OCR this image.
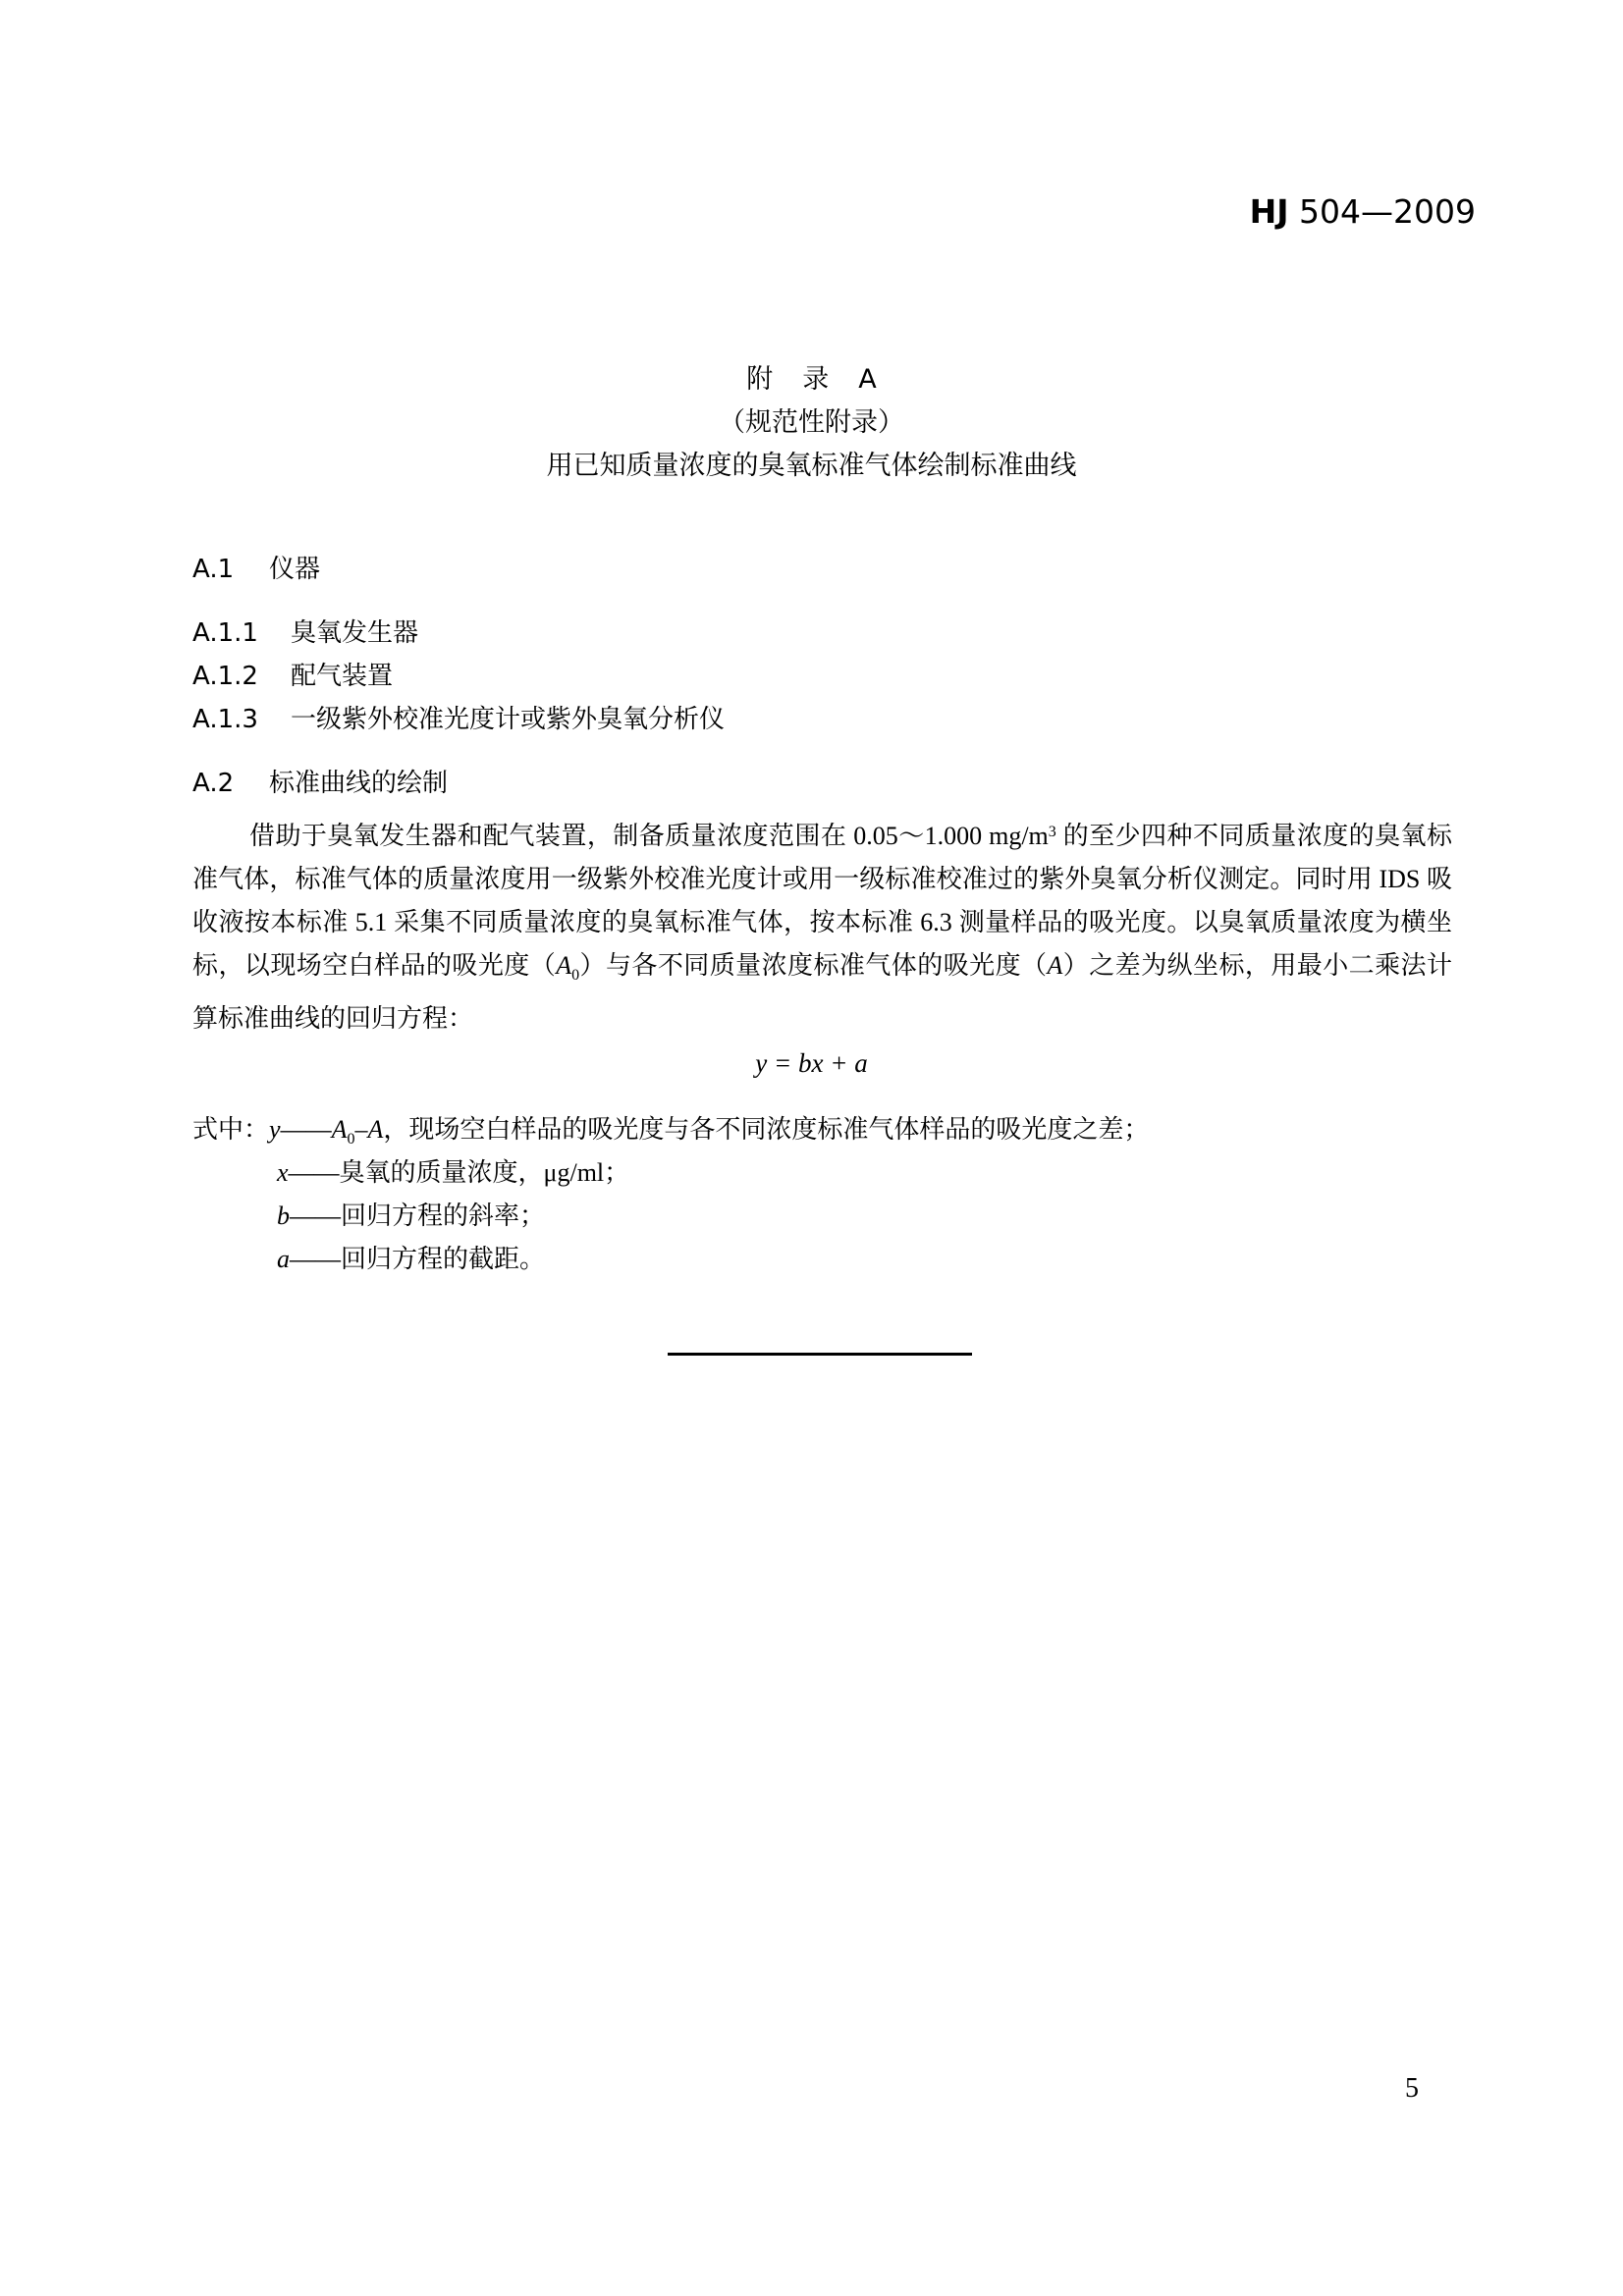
HJ 504—2009
附录A
（规范性附录）
用已知质量浓度的臭氧标准气体绘制标准曲线
A.1 仪器
A.1.1 臭氧发生器
A.1.2 配气装置
A.1.3 一级紫外校准光度计或紫外臭氧分析仪
A.2 标准曲线的绘制
借助于臭氧发生器和配气装置，制备质量浓度范围在 0.05～1.000 $mg/m^3$ 的至少四种不同质量浓度的臭氧标准气体，标准气体的质量浓度用一级紫外校准光度计或用一级标准校准过的紫外臭氧分析仪测定。同时用 IDS 吸收液按本标准 5.1 采集不同质量浓度的臭氧标准气体，按本标准 6.3 测量样品的吸光度。以臭氧质量浓度为横坐标，以现场空白样品的吸光度$(A_0)$与各不同质量浓度标准气体的吸光度（A）之差为纵坐标，用最小二乘法计算标准曲线的回归方程：
y = bx + a
式中：$y——A_0-A$，现场空白样品的吸光度与各不同浓度标准气体样品的吸光度之差；
x——臭氧的质量浓度，μg/ml；
b——回归方程的斜率；
a——回归方程的截距。
5
